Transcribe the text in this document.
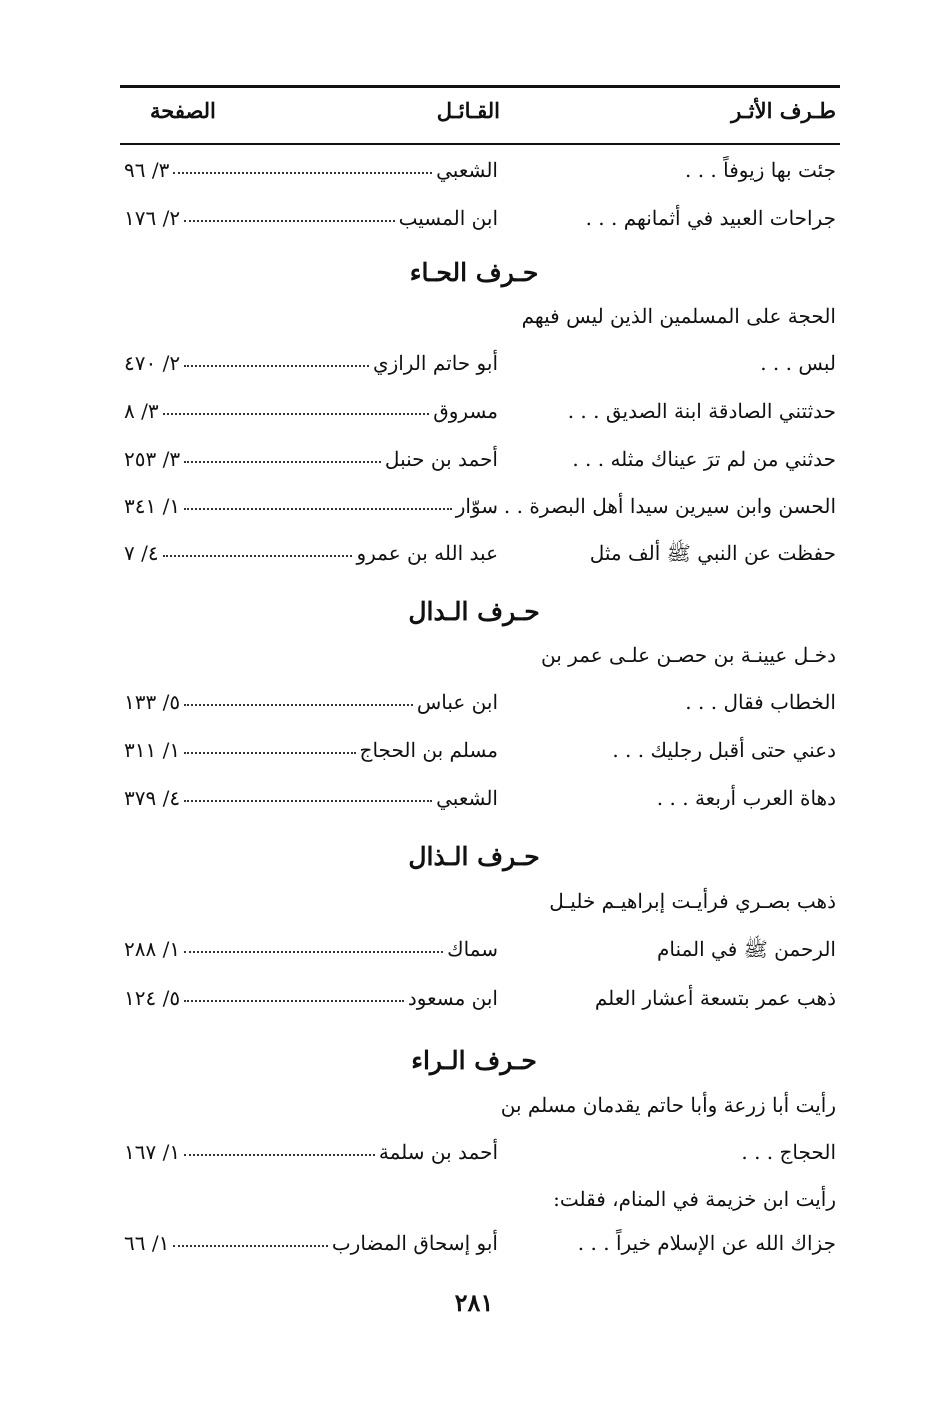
طـرف الأثـر
القـائـل
الصفحة
جئت بها زيوفاً . . .
الشعبي
٣/ ٩٦
جراحات العبيد في أثمانهم . . .
ابن المسيب
٢/ ١٧٦
حـرف الحـاء
الحجة على المسلمين الذين ليس فيهم
لبس . . .
أبو حاتم الرازي
٢/ ٤٧٠
حدثتني الصادقة ابنة الصديق . . .
مسروق
٣/ ٨
حدثني من لم ترَ عيناك مثله . . .
أحمد بن حنبل
٣/ ٢٥٣
الحسن وابن سيرين سيدا أهل البصرة . . .
سوّار
١/ ٣٤١
حفظت عن النبي ﷺ ألف مثل
عبد الله بن عمرو
٤/ ٧
حـرف الـدال
دخـل عيينـة بن حصـن علـى عمر بن
الخطاب فقال . . .
ابن عباس
٥/ ١٣٣
دعني حتى أقبل رجليك . . .
مسلم بن الحجاج
١/ ٣١١
دهاة العرب أربعة . . .
الشعبي
٤/ ٣٧٩
حـرف الـذال
ذهب بصـري فرأيـت إبراهيـم خليـل
الرحمن ﷺ في المنام
سماك
١/ ٢٨٨
ذهب عمر بتسعة أعشار العلم
ابن مسعود
٥/ ١٢٤
حـرف الـراء
رأيت أبا زرعة وأبا حاتم يقدمان مسلم بن
الحجاج . . .
أحمد بن سلمة
١/ ١٦٧
رأيت ابن خزيمة في المنام، فقلت:
جزاك الله عن الإسلام خيراً . . .
أبو إسحاق المضارب
١/ ٦٦
٢٨١
